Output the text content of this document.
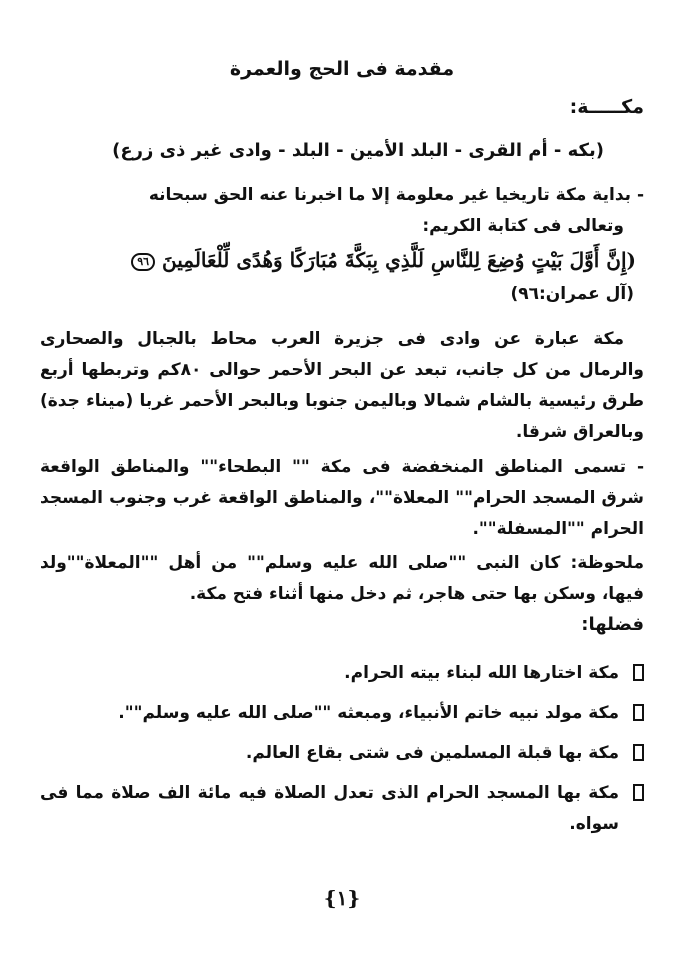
مقدمة فى الحج والعمرة
مكـــــة:
(بكه - أم القرى - البلد الأمين - البلد - وادى غير ذى زرع)
- بداية مكة تاريخيا غير معلومة إلا ما اخبرنا عنه الحق سبحانه
وتعالى فى كتابة الكريم:
(إِنَّ أَوَّلَ بَيْتٍ وُضِعَ لِلنَّاسِ لَلَّذِي بِبَكَّةَ مُبَارَكًا وَهُدًى لِّلْعَالَمِينَ ٩٦
(آل عمران:٩٦)
مكة عبارة عن وادى فى جزيرة العرب محاط بالجبال والصحارى والرمال من كل جانب، تبعد عن البحر الأحمر حوالى ٨٠كم وتربطها أربع طرق رئيسية بالشام شمالا وباليمن جنوبا وبالبحر الأحمر غربا (ميناء جدة) وبالعراق شرقا.
- تسمى المناطق المنخفضة فى مكة "" البطحاء"" والمناطق الواقعة شرق المسجد الحرام"" المعلاة""، والمناطق الواقعة غرب وجنوب المسجد الحرام ""المسفلة"".
ملحوظة: كان النبى ""صلى الله عليه وسلم"" من أهل ""المعلاة""ولد فيها، وسكن بها حتى هاجر، ثم دخل منها أثناء فتح مكة.
فضلها:
مكة اختارها الله لبناء بيته الحرام.
مكة مولد نبيه خاتم الأنبياء، ومبعثه ""صلى الله عليه وسلم"".
مكة بها قبلة المسلمين فى شتى بقاع العالم.
مكة بها المسجد الحرام الذى تعدل الصلاة فيه مائة الف صلاة مما فى سواه.
{١}
